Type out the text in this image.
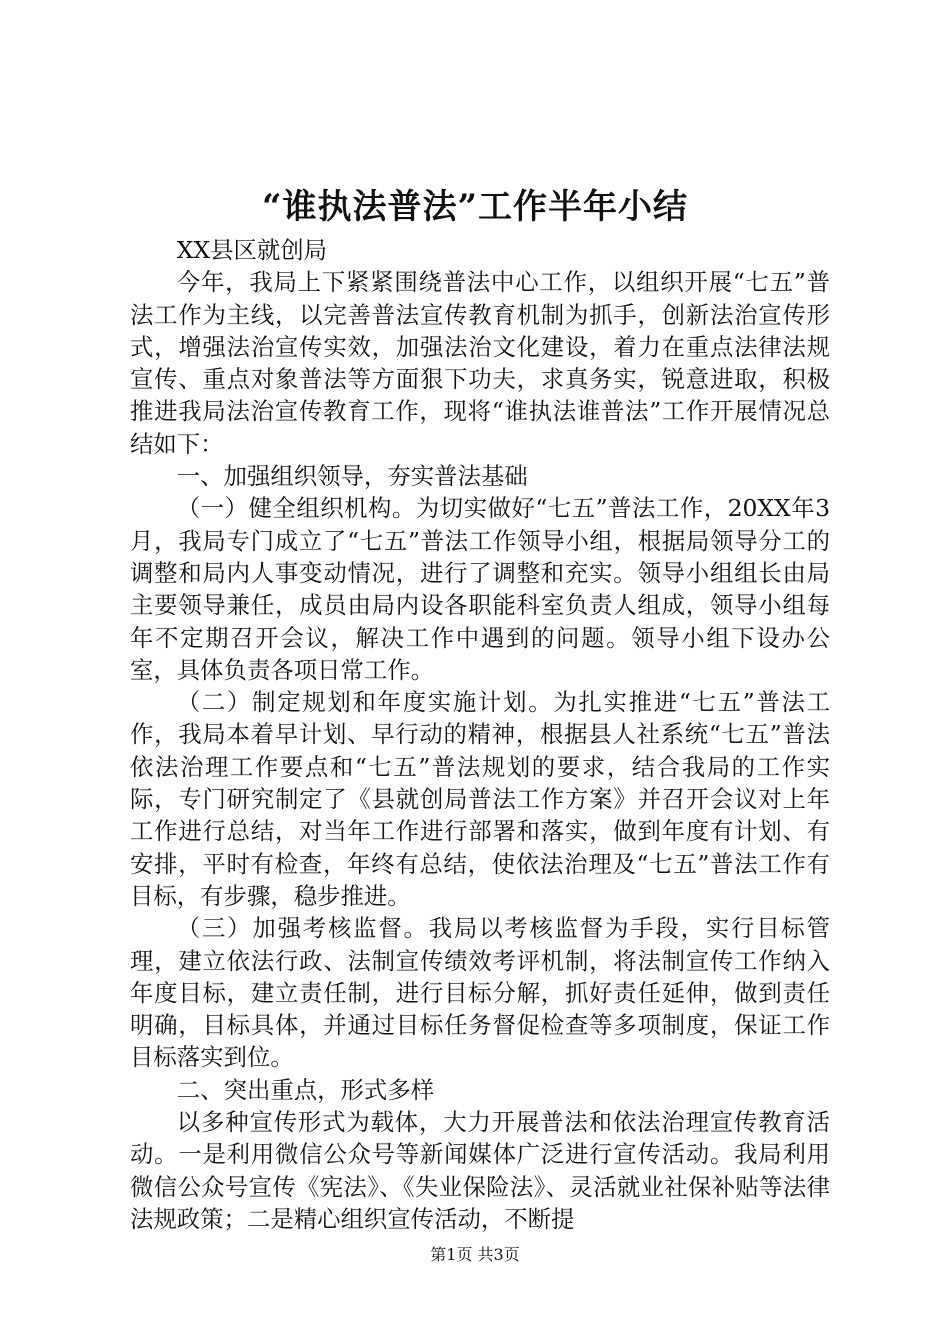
“谁执法普法”工作半年小结

XX县区就创局

今年，我局上下紧紧围绕普法中心工作，以组织开展“七五”普法工作为主线，以完善普法宣传教育机制为抓手，创新法治宣传形式，增强法治宣传实效，加强法治文化建设，着力在重点法律法规宣传、重点对象普法等方面狠下功夫，求真务实，锐意进取，积极推进我局法治宣传教育工作，现将“谁执法谁普法”工作开展情况总结如下：

一、加强组织领导，夯实普法基础

（一）健全组织机构。为切实做好“七五”普法工作，20XX年3月，我局专门成立了“七五”普法工作领导小组，根据局领导分工的调整和局内人事变动情况，进行了调整和充实。领导小组组长由局主要领导兼任，成员由局内设各职能科室负责人组成，领导小组每年不定期召开会议，解决工作中遇到的问题。领导小组下设办公室，具体负责各项日常工作。

（二）制定规划和年度实施计划。为扎实推进“七五”普法工作，我局本着早计划、早行动的精神，根据县人社系统“七五”普法依法治理工作要点和“七五”普法规划的要求，结合我局的工作实际，专门研究制定了《县就创局普法工作方案》并召开会议对上年工作进行总结，对当年工作进行部署和落实，做到年度有计划、有安排，平时有检查，年终有总结，使依法治理及“七五”普法工作有目标，有步骤，稳步推进。

（三）加强考核监督。我局以考核监督为手段，实行目标管理，建立依法行政、法制宣传绩效考评机制，将法制宣传工作纳入年度目标，建立责任制，进行目标分解，抓好责任延伸，做到责任明确，目标具体，并通过目标任务督促检查等多项制度，保证工作目标落实到位。

二、突出重点，形式多样

以多种宣传形式为载体，大力开展普法和依法治理宣传教育活动。一是利用微信公众号等新闻媒体广泛进行宣传活动。我局利用微信公众号宣传《宪法》、《失业保险法》、灵活就业社保补贴等法律法规政策；二是精心组织宣传活动，不断提

第1页 共3页
